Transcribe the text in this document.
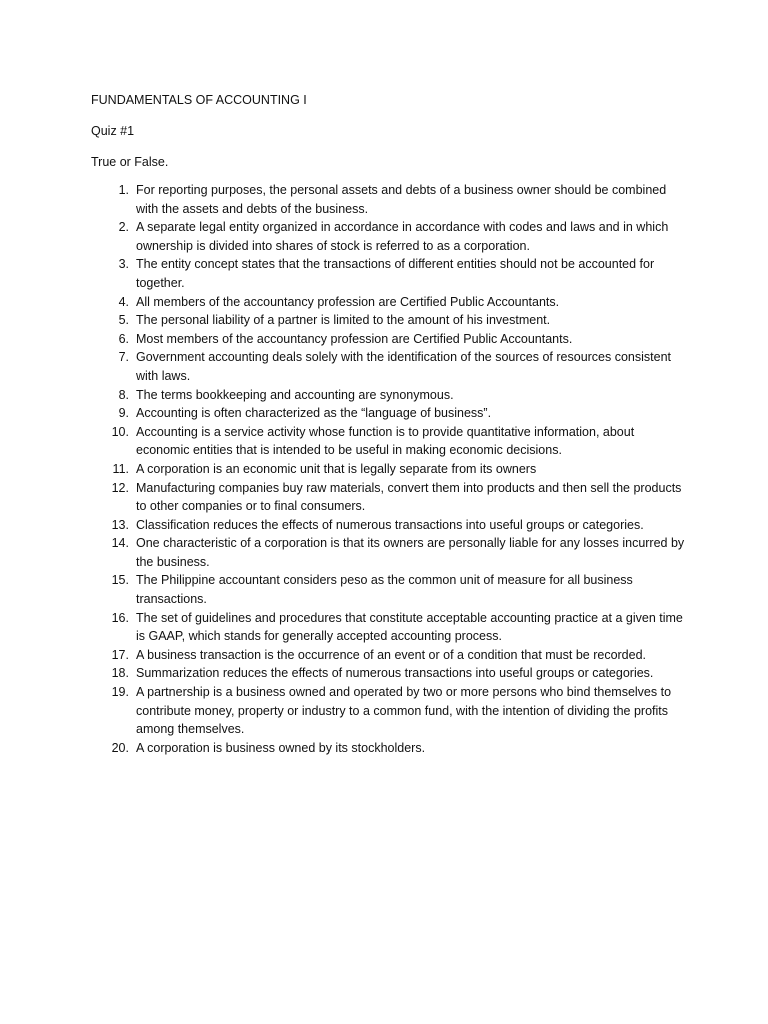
FUNDAMENTALS OF ACCOUNTING I

Quiz #1

True or False.

1. For reporting purposes, the personal assets and debts of a business owner should be combined with the assets and debts of the business.
2. A separate legal entity organized in accordance in accordance with codes and laws and in which ownership is divided into shares of stock is referred to as a corporation.
3. The entity concept states that the transactions of different entities should not be accounted for together.
4. All members of the accountancy profession are Certified Public Accountants.
5. The personal liability of a partner is limited to the amount of his investment.
6. Most members of the accountancy profession are Certified Public Accountants.
7. Government accounting deals solely with the identification of the sources of resources consistent with laws.
8. The terms bookkeeping and accounting are synonymous.
9. Accounting is often characterized as the “language of business”.
10. Accounting is a service activity whose function is to provide quantitative information, about economic entities that is intended to be useful in making economic decisions.
11. A corporation is an economic unit that is legally separate from its owners
12. Manufacturing companies buy raw materials, convert them into products and then sell the products to other companies or to final consumers.
13. Classification reduces the effects of numerous transactions into useful groups or categories.
14. One characteristic of a corporation is that its owners are personally liable for any losses incurred by the business.
15. The Philippine accountant considers peso as the common unit of measure for all business transactions.
16. The set of guidelines and procedures that constitute acceptable accounting practice at a given time is GAAP, which stands for generally accepted accounting process.
17. A business transaction is the occurrence of an event or of a condition that must be recorded.
18. Summarization reduces the effects of numerous transactions into useful groups or categories.
19. A partnership is a business owned and operated by two or more persons who bind themselves to contribute money, property or industry to a common fund, with the intention of dividing the profits among themselves.
20. A corporation is business owned by its stockholders.
